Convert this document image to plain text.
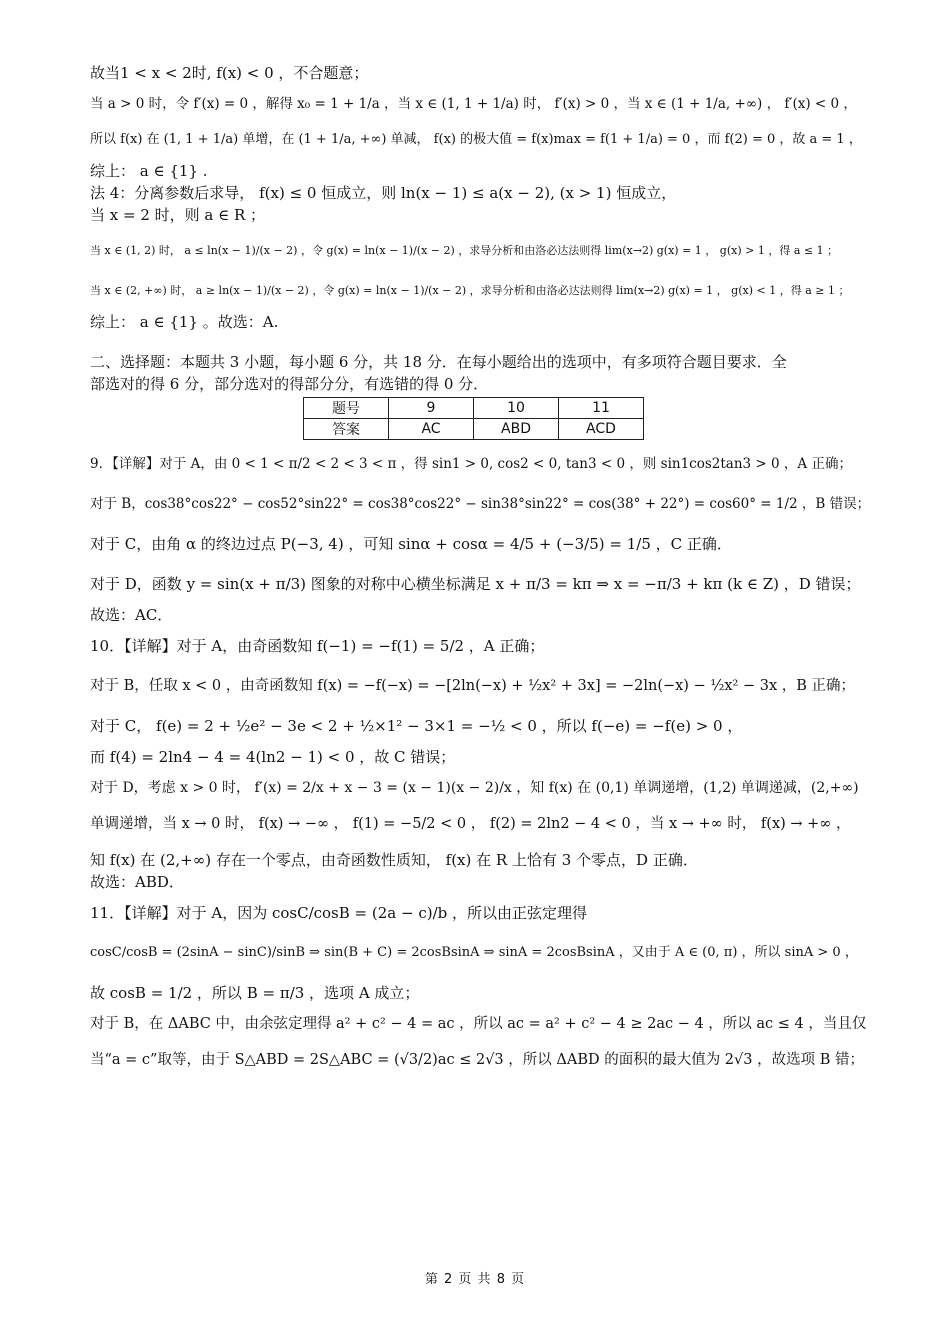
故当1 < x < 2时, f(x) < 0 ，不合题意；

当 a > 0 时，令 f′(x) = 0 ，解得 x₀ = 1 + 1/a ，当 x ∈ (1, 1 + 1/a) 时， f′(x) > 0 ，当 x ∈ (1 + 1/a, +∞) ， f′(x) < 0 ，

所以 f(x) 在 (1, 1 + 1/a) 单增，在 (1 + 1/a, +∞) 单减， f(x) 的极大值 = f(x)max = f(1 + 1/a) = 0 ，而 f(2) = 0 ，故 a = 1 ，

综上： a ∈ {1} .

法 4：分离参数后求导， f(x) ≤ 0 恒成立，则 ln(x − 1) ≤ a(x − 2), (x > 1) 恒成立，

当 x = 2 时，则 a ∈ R ；

当 x ∈ (1, 2) 时， a ≤ ln(x − 1)/(x − 2) ，令 g(x) = ln(x − 1)/(x − 2) ，求导分析和由洛必达法则得 lim(x→2) g(x) = 1 ， g(x) > 1 ，得 a ≤ 1 ；

当 x ∈ (2, +∞) 时， a ≥ ln(x − 1)/(x − 2) ，令 g(x) = ln(x − 1)/(x − 2) ，求导分析和由洛必达法则得 lim(x→2) g(x) = 1 ， g(x) < 1 ，得 a ≥ 1 ；

综上： a ∈ {1} 。故选：A.

二、选择题：本题共 3 小题，每小题 6 分，共 18 分．在每小题给出的选项中，有多项符合题目要求．全

部选对的得 6 分，部分选对的得部分分，有选错的得 0 分．

题号	9	10	11
答案	AC	ABD	ACD

9．【详解】对于 A，由 0 < 1 < π/2 < 2 < 3 < π ，得 sin1 > 0, cos2 < 0, tan3 < 0 ，则 sin1cos2tan3 > 0 ，A 正确；

对于 B，cos38°cos22° − cos52°sin22° = cos38°cos22° − sin38°sin22° = cos(38° + 22°) = cos60° = 1/2 ，B 错误；

对于 C，由角 α 的终边过点 P(−3, 4) ，可知 sinα + cosα = 4/5 + (−3/5) = 1/5 ，C 正确．

对于 D，函数 y = sin(x + π/3) 图象的对称中心横坐标满足 x + π/3 = kπ ⇒ x = −π/3 + kπ (k ∈ Z) ，D 错误；

故选：AC．

10．【详解】对于 A，由奇函数知 f(−1) = −f(1) = 5/2 ，A 正确；

对于 B，任取 x < 0 ，由奇函数知 f(x) = −f(−x) = −[2ln(−x) + ½x² + 3x] = −2ln(−x) − ½x² − 3x ，B 正确；

对于 C， f(e) = 2 + ½e² − 3e < 2 + ½×1² − 3×1 = −½ < 0 ，所以 f(−e) = −f(e) > 0 ，

而 f(4) = 2ln4 − 4 = 4(ln2 − 1) < 0 ，故 C 错误；

对于 D，考虑 x > 0 时， f′(x) = 2/x + x − 3 = (x − 1)(x − 2)/x ，知 f(x) 在 (0,1) 单调递增，(1,2) 单调递减，(2,+∞)

单调递增，当 x → 0 时， f(x) → −∞ ， f(1) = −5/2 < 0 ， f(2) = 2ln2 − 4 < 0 ，当 x → +∞ 时， f(x) → +∞ ，

知 f(x) 在 (2,+∞) 存在一个零点，由奇函数性质知， f(x) 在 R 上恰有 3 个零点，D 正确．

故选：ABD．

11．【详解】对于 A，因为 cosC/cosB = (2a − c)/b ，所以由正弦定理得

cosC/cosB = (2sinA − sinC)/sinB ⇒ sin(B + C) = 2cosBsinA ⇒ sinA = 2cosBsinA ，又由于 A ∈ (0, π) ，所以 sinA > 0 ，

故 cosB = 1/2 ，所以 B = π/3 ，选项 A 成立；

对于 B，在 ΔABC 中，由余弦定理得 a² + c² − 4 = ac ，所以 ac = a² + c² − 4 ≥ 2ac − 4 ，所以 ac ≤ 4 ，当且仅

当“a = c”取等，由于 S△ABD = 2S△ABC = (√3/2)ac ≤ 2√3 ，所以 ΔABD 的面积的最大值为 2√3 ，故选项 B 错；

第 2 页 共 8 页
